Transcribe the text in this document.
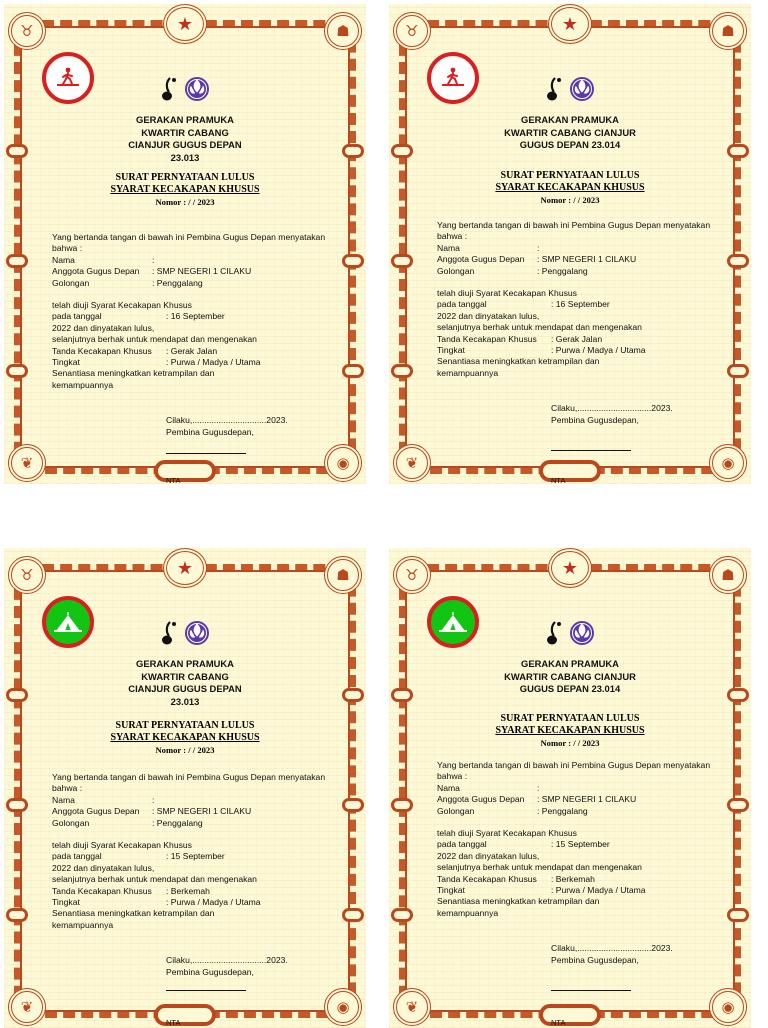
★
♉	☗
❦	◉
GERAKAN PRAMUKA
KWARTIR CABANG
CIANJUR GUGUS DEPAN
23.013
SURAT PERNYATAAN LULUS
SYARAT KECAKAPAN KHUSUS
Nomor : / / 2023
Yang bertanda tangan di bawah ini Pembina Gugus Depan menyatakan bahwa :
Nama	:
Anggota Gugus Depan	: SMP NEGERI 1 CILAKU
Golongan	: Penggalang
telah diuji Syarat Kecakapan Khusus
pada tanggal	: 16 September
2022 dan dinyatakan lulus,
selanjutnya berhak untuk mendapat dan mengenakan
Tanda Kecakapan Khusus	: Gerak Jalan
Tingkat	: Purwa / Madya / Utama
Senantiasa meningkatkan ketrampilan dan kemampuannya
Cilaku,...............................2023.
Pembina Gugusdepan,
NTA
★
♉	☗
❦	◉
GERAKAN PRAMUKA
KWARTIR CABANG CIANJUR
GUGUS DEPAN 23.014
SURAT PERNYATAAN LULUS
SYARAT KECAKAPAN KHUSUS
Nomor : / / 2023
Yang bertanda tangan di bawah ini Pembina Gugus Depan menyatakan bahwa :
Nama	:
Anggota Gugus Depan	: SMP NEGERI 1 CILAKU
Golongan	: Penggalang
telah diuji Syarat Kecakapan Khusus
pada tanggal	: 16 September
2022 dan dinyatakan lulus,
selanjutnya berhak untuk mendapat dan mengenakan
Tanda Kecakapan Khusus	: Gerak Jalan
Tingkat	: Purwa / Madya / Utama
Senantiasa meningkatkan ketrampilan dan kemampuannya
Cilaku,...............................2023.
Pembina Gugusdepan,
NTA
★
♉	☗
❦	◉
GERAKAN PRAMUKA
KWARTIR CABANG
CIANJUR GUGUS DEPAN
23.013
SURAT PERNYATAAN LULUS
SYARAT KECAKAPAN KHUSUS
Nomor : / / 2023
Yang bertanda tangan di bawah ini Pembina Gugus Depan menyatakan bahwa :
Nama	:
Anggota Gugus Depan	: SMP NEGERI 1 CILAKU
Golongan	: Penggalang
telah diuji Syarat Kecakapan Khusus
pada tanggal	: 15 September
2022 dan dinyatakan lulus,
selanjutnya berhak untuk mendapat dan mengenakan
Tanda Kecakapan Khusus	: Berkemah
Tingkat	: Purwa / Madya / Utama
Senantiasa meningkatkan ketrampilan dan kemampuannya
Cilaku,...............................2023.
Pembina Gugusdepan,
NTA
★
♉	☗
❦	◉
GERAKAN PRAMUKA
KWARTIR CABANG CIANJUR
GUGUS DEPAN 23.014
SURAT PERNYATAAN LULUS
SYARAT KECAKAPAN KHUSUS
Nomor : / / 2023
Yang bertanda tangan di bawah ini Pembina Gugus Depan menyatakan bahwa :
Nama	:
Anggota Gugus Depan	: SMP NEGERI 1 CILAKU
Golongan	: Penggalang
telah diuji Syarat Kecakapan Khusus
pada tanggal	: 15 September
2022 dan dinyatakan lulus,
selanjutnya berhak untuk mendapat dan mengenakan
Tanda Kecakapan Khusus	: Berkemah
Tingkat	: Purwa / Madya / Utama
Senantiasa meningkatkan ketrampilan dan kemampuannya
Cilaku,...............................2023.
Pembina Gugusdepan,
NTA
